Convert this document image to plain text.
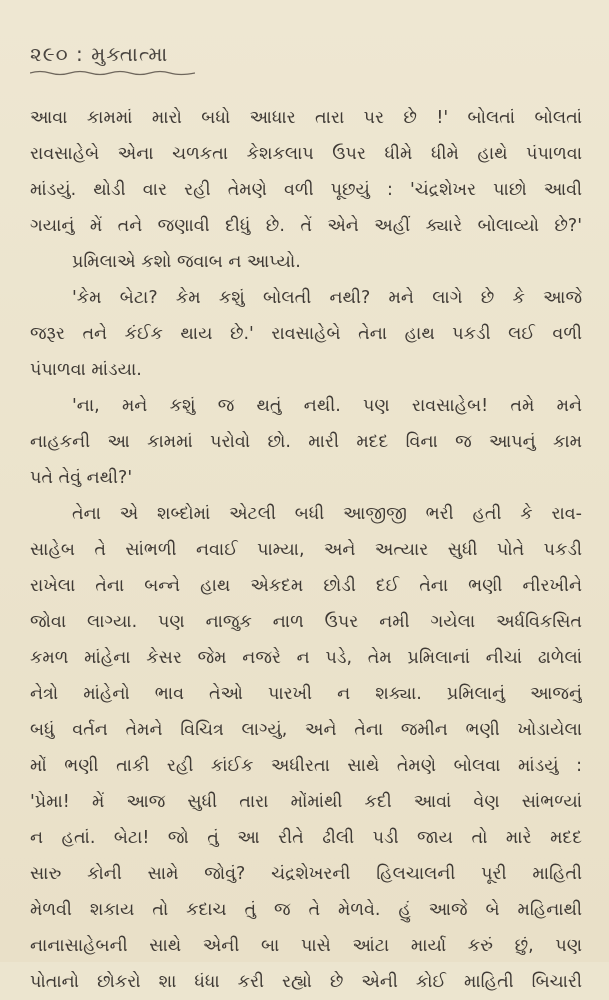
૨૯૦ : મુક્તાત્મા
આવા કામમાં મારો બધો આધાર તારા પર છે !' બોલતાં બોલતાં
રાવસાહેબે એના ચળકતા કેશકલાપ ઉપર ધીમે ધીમે હાથે પંપાળવા
માંડયું. થોડી વાર રહી તેમણે વળી પૂછયું : 'ચંદ્રશેખર પાછો આવી
ગયાનું મેં તને જણાવી દીધું છે. તેં એને અહીં ક્યારે બોલાવ્યો છે?'
પ્રમિલાએ કશો જવાબ ન આપ્યો.
'કેમ બેટા? કેમ કશું બોલતી નથી? મને લાગે છે કે આજે
જરૂર તને કંઈક થાય છે.' રાવસાહેબે તેના હાથ પકડી લઈ વળી
પંપાળવા માંડયા.
'ના, મને કશું જ થતું નથી. પણ રાવસાહેબ! તમે મને
નાહકની આ કામમાં પરોવો છો. મારી મદદ વિના જ આપનું કામ
પતે તેવું નથી?'
તેના એ શબ્દોમાં એટલી બધી આજીજી ભરી હતી કે રાવ-
સાહેબ તે સાંભળી નવાઈ પામ્યા, અને અત્યાર સુધી પોતે પકડી
રાખેલા તેના બન્ને હાથ એકદમ છોડી દઈ તેના ભણી નીરખીને
જોવા લાગ્યા. પણ નાજુક નાળ ઉપર નમી ગયેલા અર્ધવિકસિત
કમળ માંહેના કેસર જેમ નજરે ન પડે, તેમ પ્રમિલાનાં નીચાં ઢાળેલાં
નેત્રો માંહેનો ભાવ તેઓ પારખી ન શક્યા. પ્રમિલાનું આજનું
બધું વર્તન તેમને વિચિત્ર લાગ્યું, અને તેના જમીન ભણી ખોડાયેલા
મોં ભણી તાકી રહી કાંઈક અધીરતા સાથે તેમણે બોલવા માંડયું :
'પ્રેમા! મેં આજ સુધી તારા મોંમાંથી કદી આવાં વેણ સાંભળ્યાં
ન હતાં. બેટા! જો તું આ રીતે ઢીલી પડી જાય તો મારે મદદ
સારુ કોની સામે જોવું? ચંદ્રશેખરની હિલચાલની પૂરી માહિતી
મેળવી શકાય તો કદાચ તું જ તે મેળવે. હું આજે બે મહિનાથી
નાનાસાહેબની સાથે એની બા પાસે આંટા માર્યા કરું છું, પણ
પોતાનો છોકરો શા ધંધા કરી રહ્યો છે એની કોઈ માહિતી બિચારી
